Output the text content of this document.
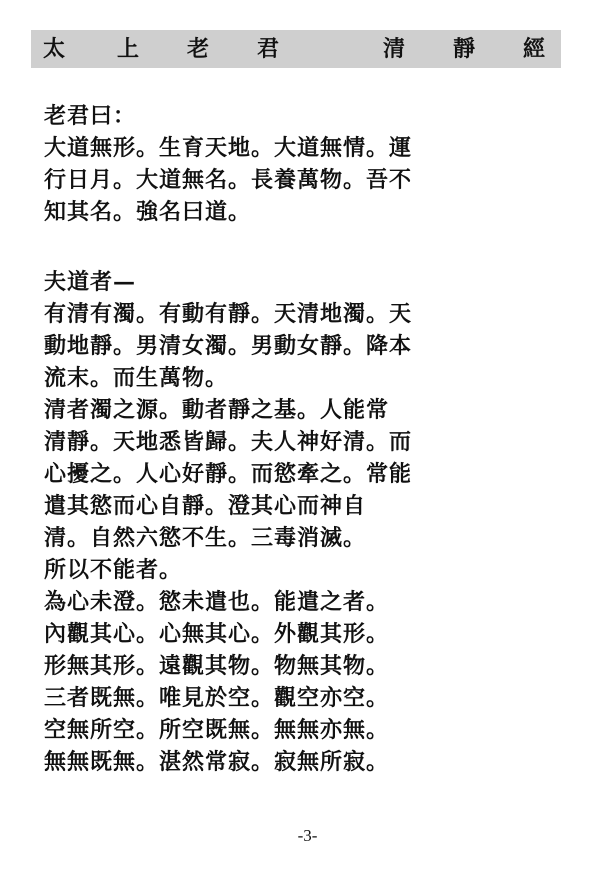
太 上 老 君	清 靜 經
老君曰：
大道無形。生育天地。大道無情。運
行日月。大道無名。長養萬物。吾不
知其名。強名曰道。
夫道者—
有清有濁。有動有靜。天清地濁。天
動地靜。男清女濁。男動女靜。降本
流末。而生萬物。
清者濁之源。動者靜之基。人能常
清靜。天地悉皆歸。夫人神好清。而
心擾之。人心好靜。而慾牽之。常能
遣其慾而心自靜。澄其心而神自
清。自然六慾不生。三毒消滅。
所以不能者。
為心未澄。慾未遣也。能遣之者。
內觀其心。心無其心。外觀其形。
形無其形。遠觀其物。物無其物。
三者既無。唯見於空。觀空亦空。
空無所空。所空既無。無無亦無。
無無既無。湛然常寂。寂無所寂。
-3-
